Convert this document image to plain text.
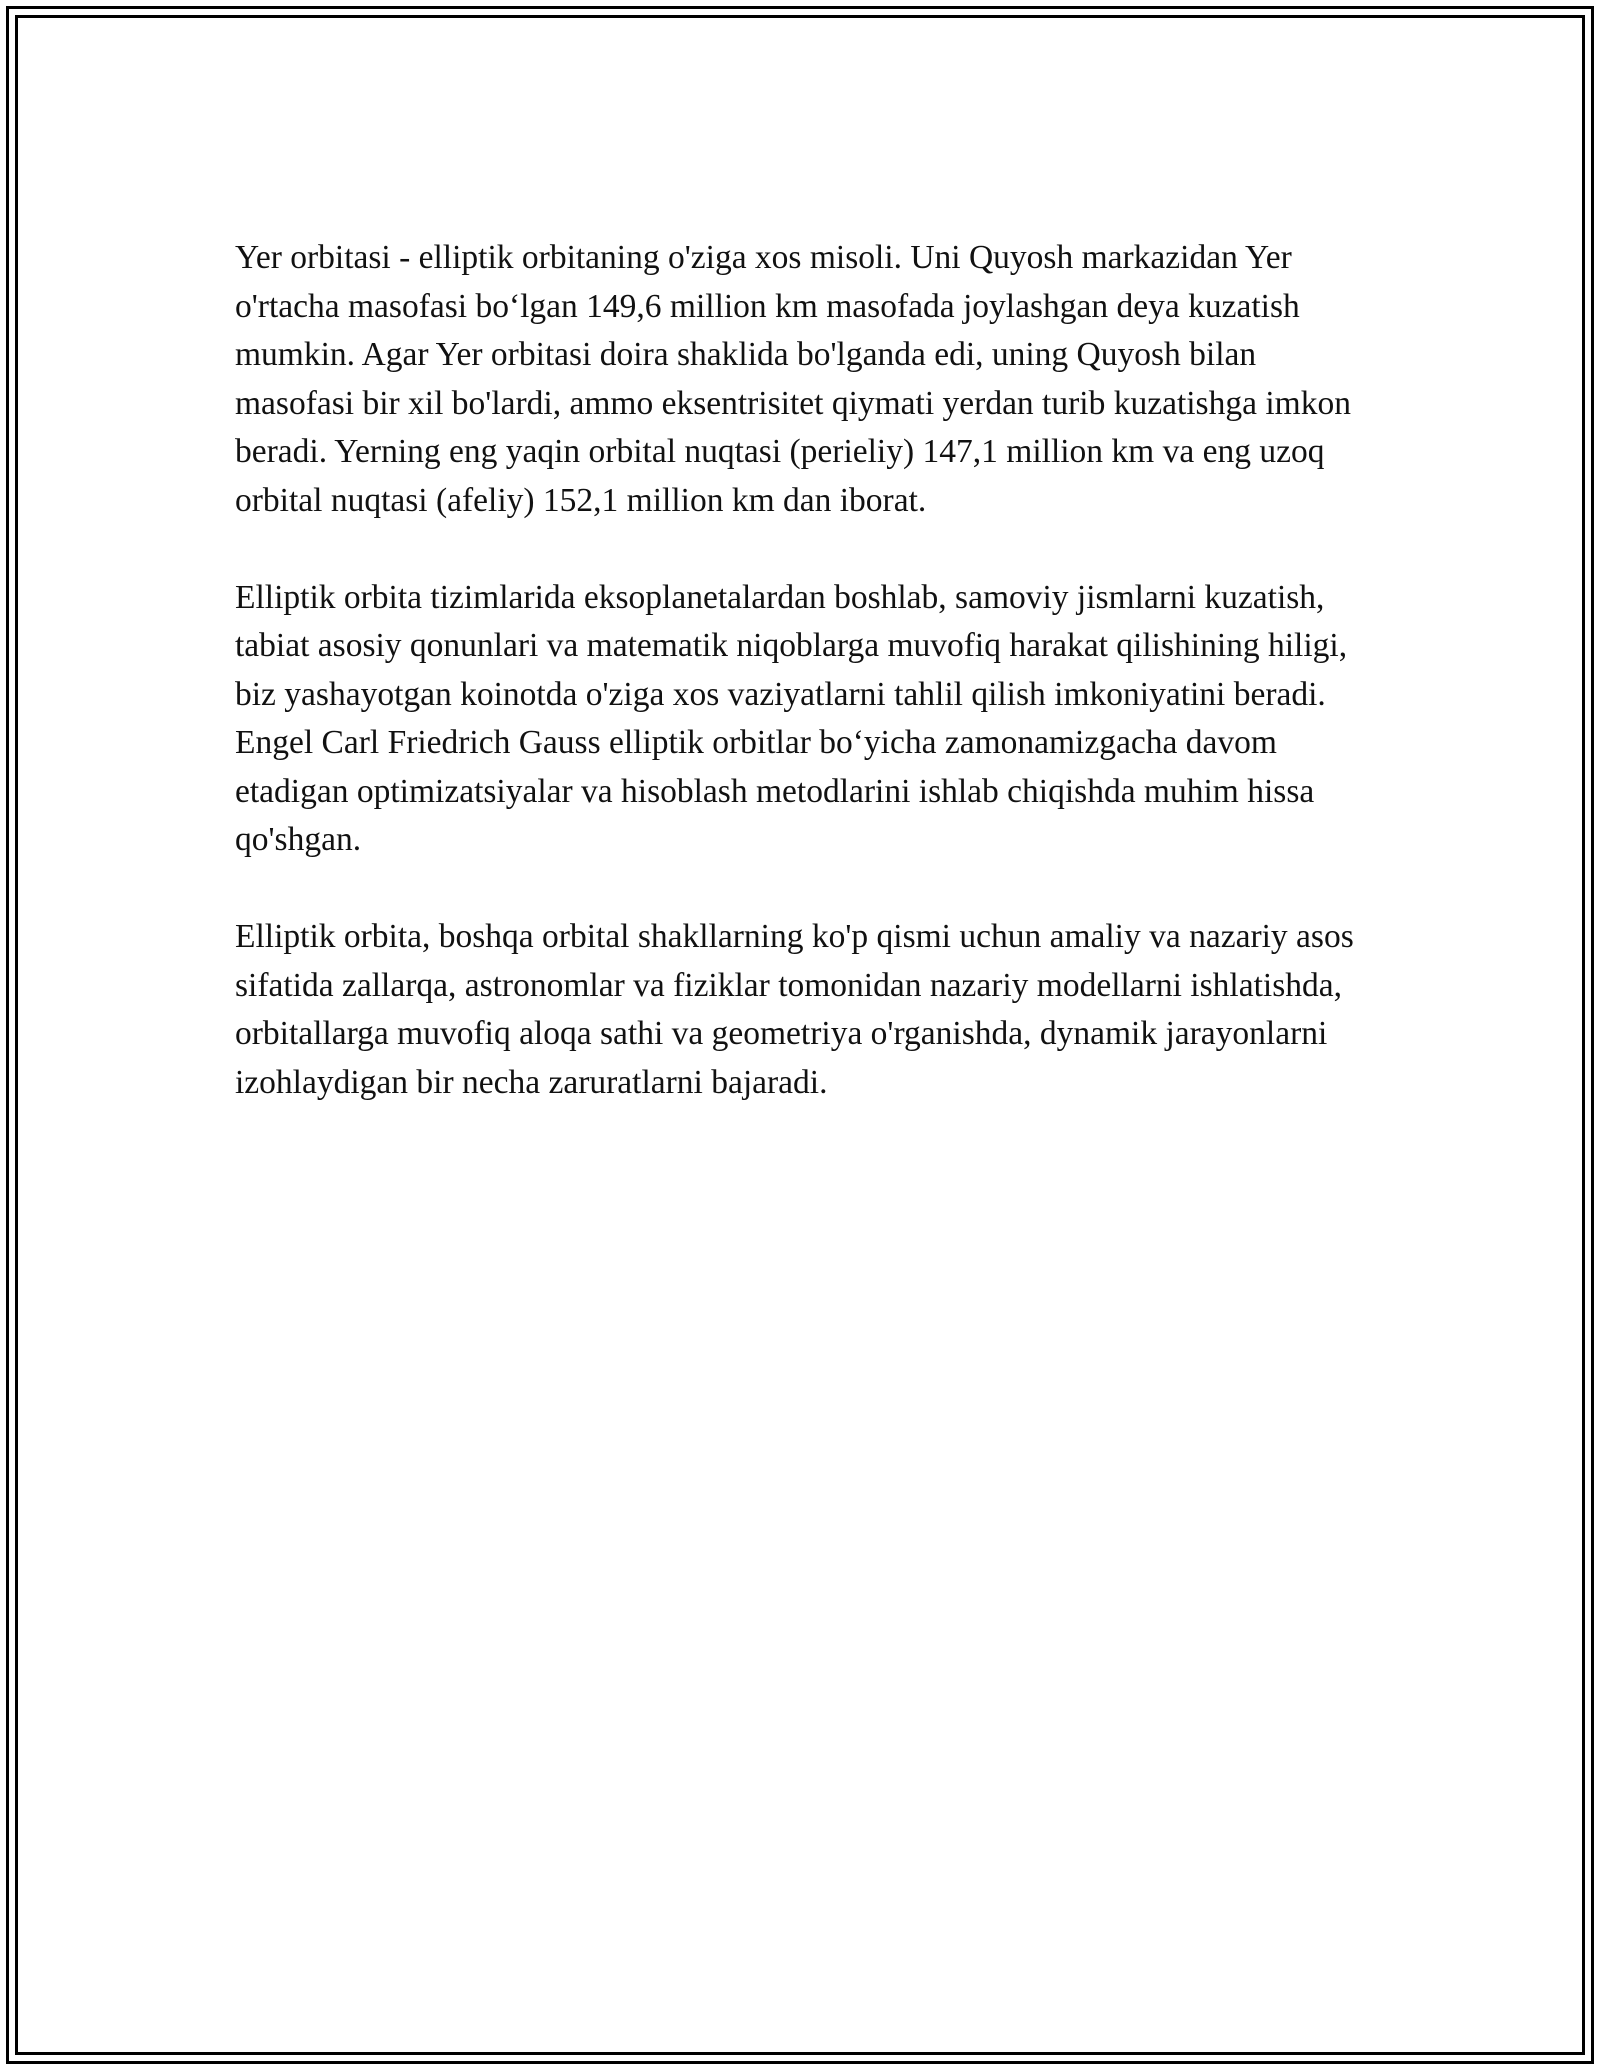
Yer orbitasi - elliptik orbitaning o'ziga xos misoli. Uni Quyosh markazidan Yer o'rtacha masofasi bo‘lgan 149,6 million km masofada joylashgan deya kuzatish mumkin. Agar Yer orbitasi doira shaklida bo'lganda edi, uning Quyosh bilan masofasi bir xil bo'lardi, ammo eksentrisitet qiymati yerdan turib kuzatishga imkon beradi. Yerning eng yaqin orbital nuqtasi (perieliy) 147,1 million km va eng uzoq orbital nuqtasi (afeliy) 152,1 million km dan iborat.

Elliptik orbita tizimlarida eksoplanetalardan boshlab, samoviy jismlarni kuzatish, tabiat asosiy qonunlari va matematik niqoblarga muvofiq harakat qilishining hiligi, biz yashayotgan koinotda o'ziga xos vaziyatlarni tahlil qilish imkoniyatini beradi. Engel Carl Friedrich Gauss elliptik orbitlar bo‘yicha zamonamizgacha davom etadigan optimizatsiyalar va hisoblash metodlarini ishlab chiqishda muhim hissa qo'shgan.

Elliptik orbita, boshqa orbital shakllarning ko'p qismi uchun amaliy va nazariy asos sifatida zallarqa, astronomlar va fiziklar tomonidan nazariy modellarni ishlatishda, orbitallarga muvofiq aloqa sathi va geometriya o'rganishda, dynamik jarayonlarni izohlaydigan bir necha zaruratlarni bajaradi.
